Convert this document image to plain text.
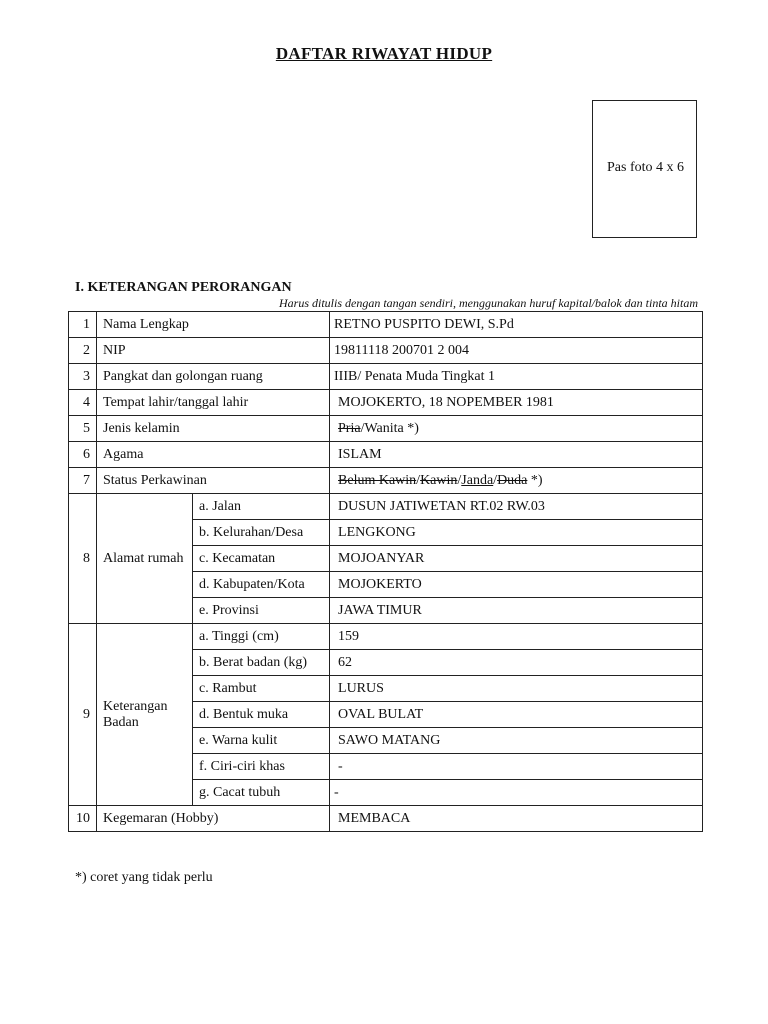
DAFTAR RIWAYAT HIDUP
Pas foto 4 x 6
I. KETERANGAN PERORANGAN
Harus ditulis dengan tangan sendiri, menggunakan huruf kapital/balok dan tinta hitam
1	Nama Lengkap		RETNO PUSPITO DEWI, S.Pd
2	NIP		19811118 200701 2 004
3	Pangkat dan golongan ruang		IIIB/ Penata Muda Tingkat 1
4	Tempat lahir/tanggal lahir		MOJOKERTO, 18 NOPEMBER 1981
5	Jenis kelamin		Pria/Wanita *)
6	Agama		ISLAM
7	Status Perkawinan		Belum Kawin/Kawin/Janda/Duda *)
8	Alamat rumah	a. Jalan	DUSUN JATIWETAN RT.02 RW.03
		b. Kelurahan/Desa	LENGKONG
		c. Kecamatan	MOJOANYAR
		d. Kabupaten/Kota	MOJOKERTO
		e. Provinsi	JAWA TIMUR
9	Keterangan Badan	a. Tinggi (cm)	159
		b. Berat badan (kg)	62
		c. Rambut	LURUS
		d. Bentuk muka	OVAL BULAT
		e. Warna kulit	SAWO MATANG
		f. Ciri-ciri khas	-
		g. Cacat tubuh	-
10	Kegemaran (Hobby)		MEMBACA
*) coret yang tidak perlu
